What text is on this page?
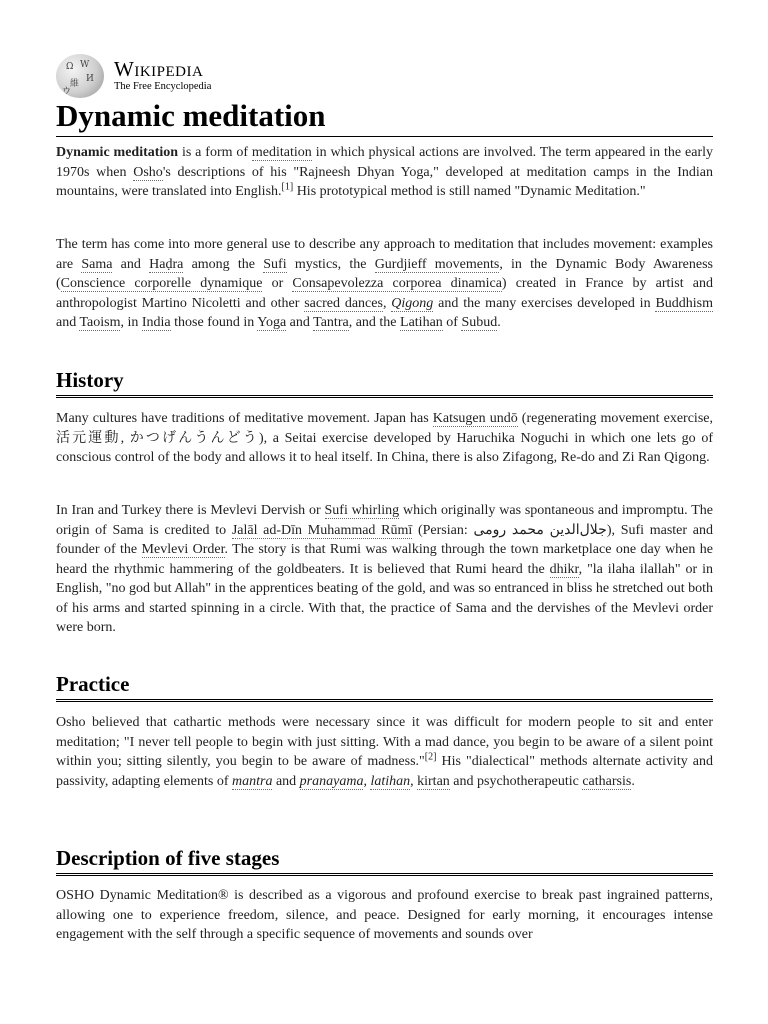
Ω W
И
維
ウ
Wikipedia
The Free Encyclopedia
Dynamic meditation

Dynamic meditation is a form of meditation in which physical actions are involved. The term appeared in the early 1970s when Osho's descriptions of his "Rajneesh Dhyan Yoga," developed at meditation camps in the Indian mountains, were translated into English.[1] His prototypical method is still named "Dynamic Meditation."

The term has come into more general use to describe any approach to meditation that includes movement: examples are Sama and Haḍra among the Sufi mystics, the Gurdjieff movements, in the Dynamic Body Awareness (Conscience corporelle dynamique or Consapevolezza corporea dinamica) created in France by artist and anthropologist Martino Nicoletti and other sacred dances, Qigong and the many exercises developed in Buddhism and Taoism, in India those found in Yoga and Tantra, and the Latihan of Subud.

History

Many cultures have traditions of meditative movement. Japan has Katsugen undō (regenerating movement exercise, 活元運動, かつげんうんどう), a Seitai exercise developed by Haruchika Noguchi in which one lets go of conscious control of the body and allows it to heal itself. In China, there is also Zifagong, Re-do and Zi Ran Qigong.

In Iran and Turkey there is Mevlevi Dervish or Sufi whirling which originally was spontaneous and impromptu. The origin of Sama is credited to Jalāl ad-Dīn Muhammad Rūmī (Persian: جلال‌الدین محمد رومی), Sufi master and founder of the Mevlevi Order. The story is that Rumi was walking through the town marketplace one day when he heard the rhythmic hammering of the goldbeaters. It is believed that Rumi heard the dhikr, "la ilaha ilallah" or in English, "no god but Allah" in the apprentices beating of the gold, and was so entranced in bliss he stretched out both of his arms and started spinning in a circle. With that, the practice of Sama and the dervishes of the Mevlevi order were born.

Practice

Osho believed that cathartic methods were necessary since it was difficult for modern people to sit and enter meditation; "I never tell people to begin with just sitting. With a mad dance, you begin to be aware of a silent point within you; sitting silently, you begin to be aware of madness."[2] His "dialectical" methods alternate activity and passivity, adapting elements of mantra and pranayama, latihan, kirtan and psychotherapeutic catharsis.

Description of five stages

OSHO Dynamic Meditation® is described as a vigorous and profound exercise to break past ingrained patterns, allowing one to experience freedom, silence, and peace. Designed for early morning, it encourages intense engagement with the self through a specific sequence of movements and sounds over
